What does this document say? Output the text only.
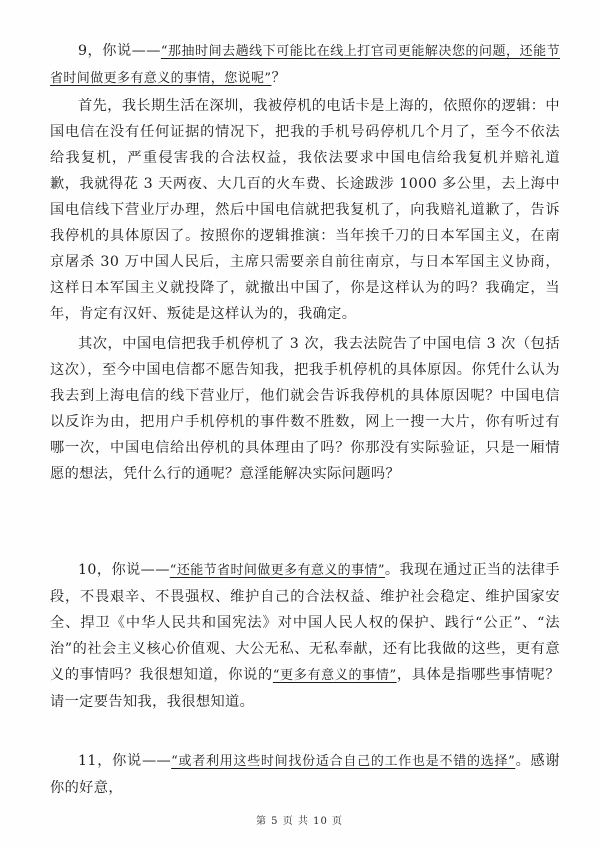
9，你说——“那抽时间去趟线下可能比在线上打官司更能解决您的问题，还能节省时间做更多有意义的事情，您说呢”？

首先，我长期生活在深圳，我被停机的电话卡是上海的，依照你的逻辑：中国电信在没有任何证据的情况下，把我的手机号码停机几个月了，至今不依法给我复机，严重侵害我的合法权益，我依法要求中国电信给我复机并赔礼道歉，我就得花 3 天两夜、大几百的火车费、长途跋涉 1000 多公里，去上海中国电信线下营业厅办理，然后中国电信就把我复机了，向我赔礼道歉了，告诉我停机的具体原因了。按照你的逻辑推演：当年挨千刀的日本军国主义，在南京屠杀 30 万中国人民后，主席只需要亲自前往南京，与日本军国主义协商，这样日本军国主义就投降了，就撤出中国了，你是这样认为的吗？我确定，当年，肯定有汉奸、叛徒是这样认为的，我确定。

其次，中国电信把我手机停机了 3 次，我去法院告了中国电信 3 次（包括这次），至今中国电信都不愿告知我，把我手机停机的具体原因。你凭什么认为我去到上海电信的线下营业厅，他们就会告诉我停机的具体原因呢？中国电信以反诈为由，把用户手机停机的事件数不胜数，网上一搜一大片，你有听过有哪一次，中国电信给出停机的具体理由了吗？你那没有实际验证，只是一厢情愿的想法，凭什么行的通呢？意淫能解决实际问题吗？

10，你说——“还能节省时间做更多有意义的事情”。我现在通过正当的法律手段，不畏艰辛、不畏强权、维护自己的合法权益、维护社会稳定、维护国家安全、捍卫《中华人民共和国宪法》对中国人民人权的保护、践行“公正”、“法治”的社会主义核心价值观、大公无私、无私奉献，还有比我做的这些，更有意义的事情吗？我很想知道，你说的“更多有意义的事情”，具体是指哪些事情呢？请一定要告知我，我很想知道。

11，你说——“或者利用这些时间找份适合自己的工作也是不错的选择”。感谢你的好意，

第 5 页 共 10 页
